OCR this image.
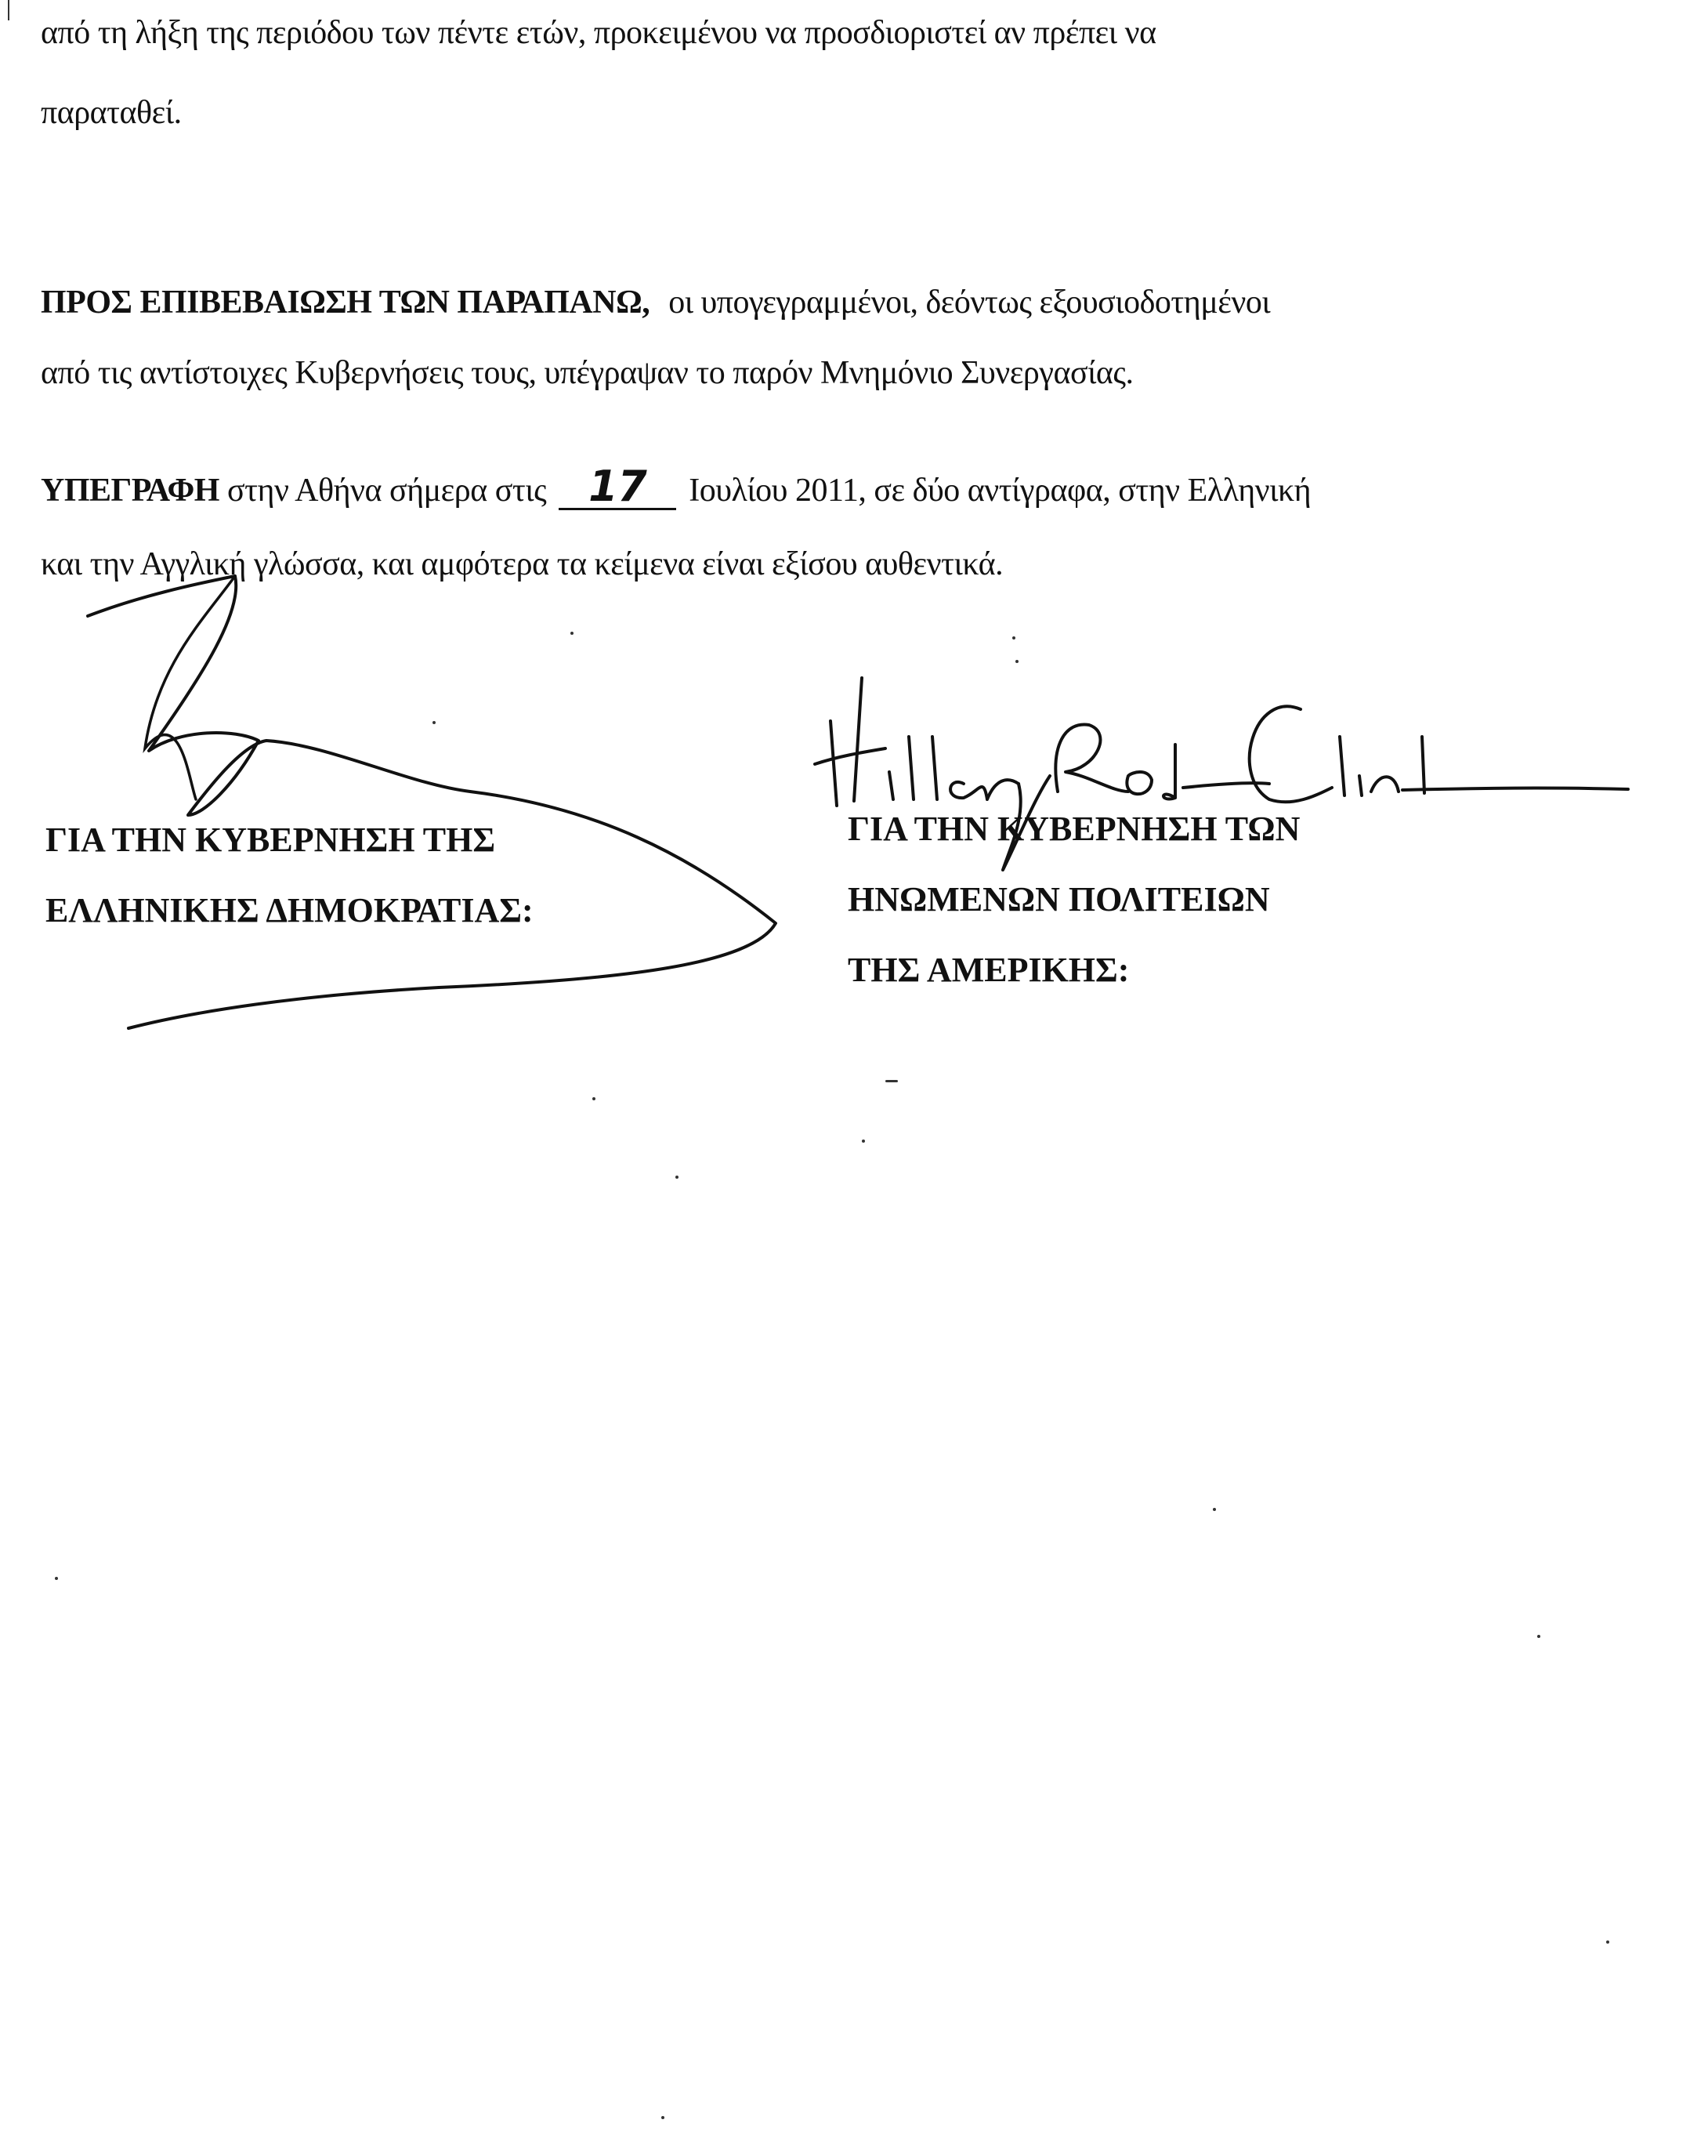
από τη λήξη της περιόδου των πέντε ετών, προκειμένου να προσδιοριστεί αν πρέπει να
παραταθεί.
ΠΡΟΣ ΕΠΙΒΕΒΑΙΩΣΗ ΤΩΝ ΠΑΡΑΠΑΝΩ, οι υπογεγραμμένοι, δεόντως εξουσιοδοτημένοι
από τις αντίστοιχες Κυβερνήσεις τους, υπέγραψαν το παρόν Μνημόνιο Συνεργασίας.
ΥΠΕΓΡΑΦΗ στην Αθήνα σήμερα στις 17 Ιουλίου 2011, σε δύο αντίγραφα, στην Ελληνική
και την Αγγλική γλώσσα, και αμφότερα τα κείμενα είναι εξίσου αυθεντικά.
ΓΙΑ ΤΗΝ ΚΥΒΕΡΝΗΣΗ ΤΗΣ
ΕΛΛΗΝΙΚΗΣ ΔΗΜΟΚΡΑΤΙΑΣ:
ΓΙΑ ΤΗΝ ΚΥΒΕΡΝΗΣΗ ΤΩΝ
ΗΝΩΜΕΝΩΝ ΠΟΛΙΤΕΙΩΝ
ΤΗΣ ΑΜΕΡΙΚΗΣ:
